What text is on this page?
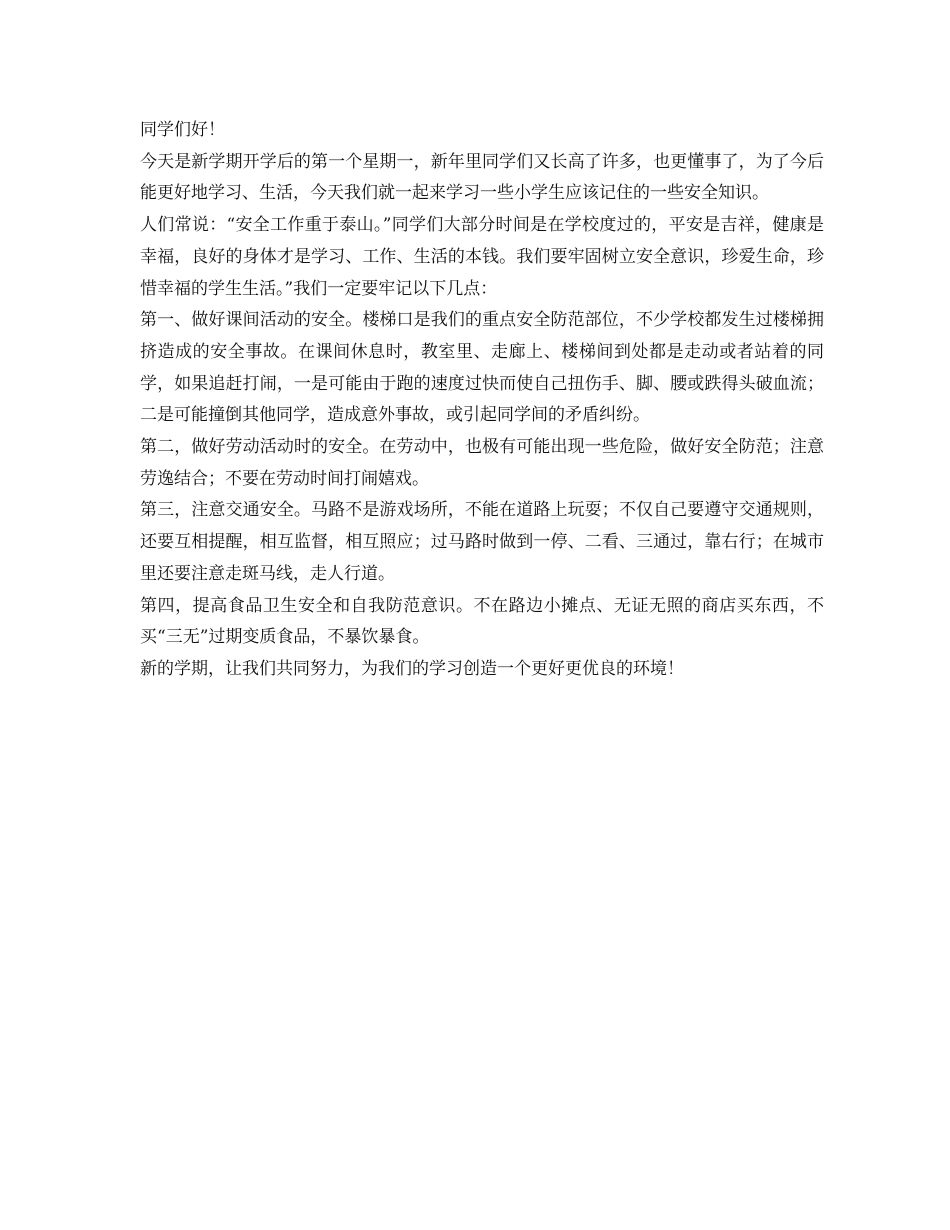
同学们好！

今天是新学期开学后的第一个星期一，新年里同学们又长高了许多，也更懂事了，为了今后能更好地学习、生活，今天我们就一起来学习一些小学生应该记住的一些安全知识。

人们常说：“安全工作重于泰山。”同学们大部分时间是在学校度过的，平安是吉祥，健康是幸福，良好的身体才是学习、工作、生活的本钱。我们要牢固树立安全意识，珍爱生命，珍惜幸福的学生生活。”我们一定要牢记以下几点：

第一、做好课间活动的安全。楼梯口是我们的重点安全防范部位，不少学校都发生过楼梯拥挤造成的安全事故。在课间休息时，教室里、走廊上、楼梯间到处都是走动或者站着的同学，如果追赶打闹，一是可能由于跑的速度过快而使自己扭伤手、脚、腰或跌得头破血流；二是可能撞倒其他同学，造成意外事故，或引起同学间的矛盾纠纷。

第二，做好劳动活动时的安全。在劳动中，也极有可能出现一些危险，做好安全防范；注意劳逸结合；不要在劳动时间打闹嬉戏。

第三，注意交通安全。马路不是游戏场所，不能在道路上玩耍；不仅自己要遵守交通规则，还要互相提醒，相互监督，相互照应；过马路时做到一停、二看、三通过，靠右行；在城市里还要注意走斑马线，走人行道。

第四，提高食品卫生安全和自我防范意识。不在路边小摊点、无证无照的商店买东西，不买“三无”过期变质食品，不暴饮暴食。

新的学期，让我们共同努力，为我们的学习创造一个更好更优良的环境！
